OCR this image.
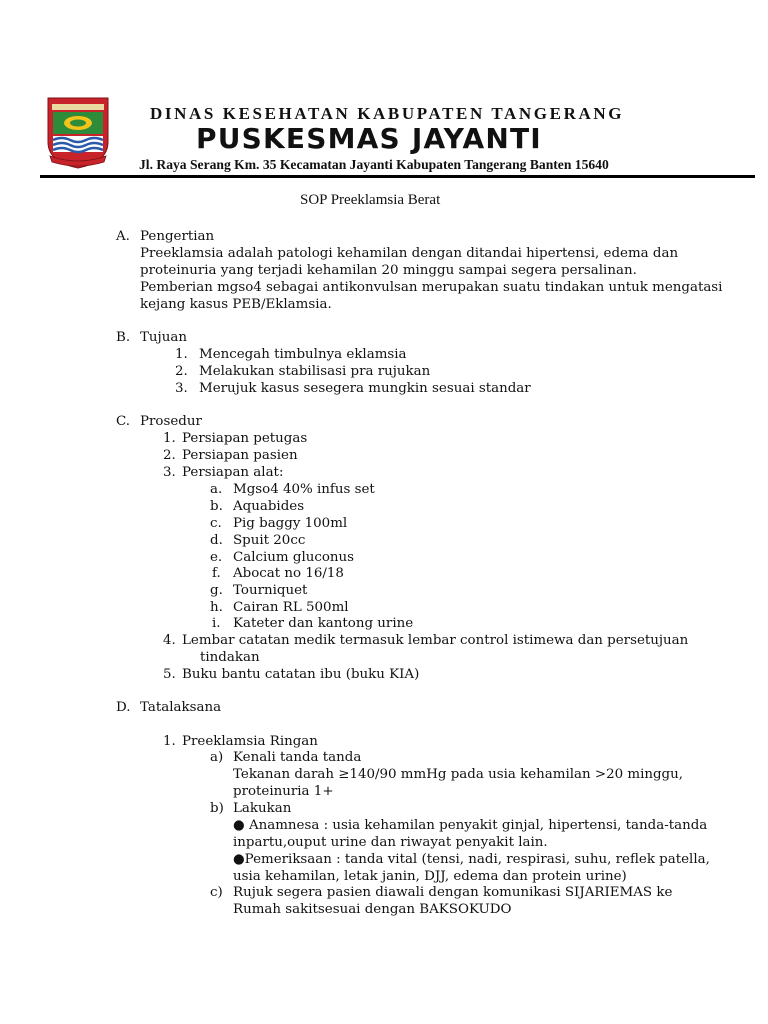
DINAS KESEHATAN KABUPATEN TANGERANG
PUSKESMAS JAYANTI
Jl. Raya Serang Km. 35 Kecamatan Jayanti Kabupaten Tangerang Banten 15640
SOP Preeklamsia Berat
A. Pengertian
Preeklamsia adalah patologi kehamilan dengan ditandai hipertensi, edema dan
proteinuria yang terjadi kehamilan 20 minggu sampai segera persalinan.
Pemberian mgso4 sebagai antikonvulsan merupakan suatu tindakan untuk mengatasi
kejang kasus PEB/Eklamsia.
B. Tujuan
1. Mencegah timbulnya eklamsia
2. Melakukan stabilisasi pra rujukan
3. Merujuk kasus sesegera mungkin sesuai standar
C. Prosedur
1. Persiapan petugas
2. Persiapan pasien
3. Persiapan alat:
a. Mgso4 40% infus set
b. Aquabides
c. Pig baggy 100ml
d. Spuit 20cc
e. Calcium gluconus
f. Abocat no 16/18
g. Tourniquet
h. Cairan RL 500ml
i. Kateter dan kantong urine
4. Lembar catatan medik termasuk lembar control istimewa dan persetujuan
tindakan
5. Buku bantu catatan ibu (buku KIA)
D. Tatalaksana
1. Preeklamsia Ringan
a) Kenali tanda tanda
Tekanan darah ≥140/90 mmHg pada usia kehamilan >20 minggu,
proteinuria 1+
b) Lakukan
● Anamnesa : usia kehamilan penyakit ginjal, hipertensi, tanda-tanda
inpartu,ouput urine dan riwayat penyakit lain.
●Pemeriksaan : tanda vital (tensi, nadi, respirasi, suhu, reflek patella,
usia kehamilan, letak janin, DJJ, edema dan protein urine)
c) Rujuk segera pasien diawali dengan komunikasi SIJARIEMAS ke
Rumah sakitsesuai dengan BAKSOKUDO
